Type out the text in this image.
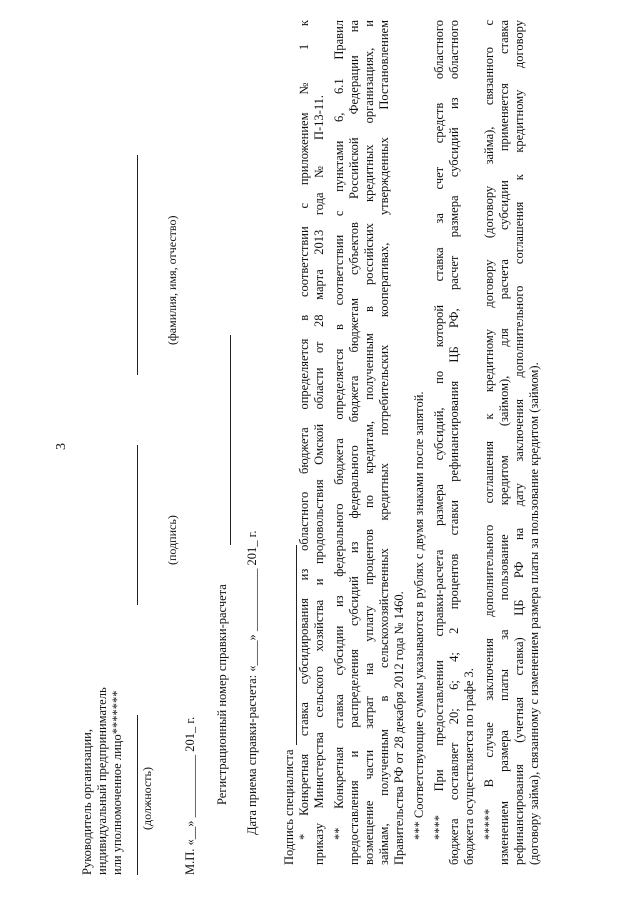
3
Руководитель организации, индивидуальный предприниматель или уполномоченное лицо******* (должность)
(подпись)
(фамилия, имя, отчество)
М.П. «__» __________ 201_ г. Регистрационный номер справки-расчета Дата приема справки-расчета: «____» __________ 201_ г. Подпись специалиста * Конкретная ставка субсидирования из областного бюджета определяется в соответствии с приложением № 1 к приказу Министерства сельского хозяйства и продовольствия Омской области от 28 марта 2013 года № П-13-11. ** Конкретная ставка субсидии из федерального бюджета определяется в соответствии с пунктами 6, 6.1 Правил предоставления и распределения субсидий из федерального бюджета бюджетам субъектов Российской Федерации на возмещение части затрат на уплату процентов по кредитам, полученным в российских кредитных организациях, и займам, полученным в сельскохозяйственных кредитных потребительских кооперативах, утвержденных Постановлением Правительства РФ от 28 декабря 2012 года № 1460. *** Соответствующие суммы указываются в рублях с двумя знаками после запятой. **** При предоставлении справки-расчета размера субсидий, по которой ставка за счет средств областного бюджета составляет 20; 6; 4; 2 процентов ставки рефинансирования ЦБ РФ, расчет размера субсидий из областного бюджета осуществляется по графе 3. ***** В случае заключения дополнительного соглашения к кредитному договору (договору займа), связанного с изменением размера платы за пользование кредитом (займом), для расчета субсидии применяется ставка рефинансирования (учетная ставка) ЦБ РФ на дату заключения дополнительного соглашения к кредитному договору (договору займа), связанному с изменением размера платы за пользование кредитом (займом).
